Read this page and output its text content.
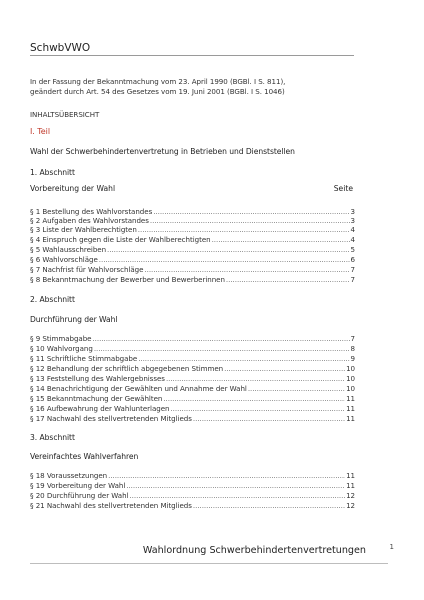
SchwbVWO
In der Fassung der Bekanntmachung vom 23. April 1990 (BGBl. I S. 811),
geändert durch Art. 54 des Gesetzes vom 19. Juni 2001 (BGBl. I S. 1046)
INHALTSÜBERSICHT
I. Teil
Wahl der Schwerbehindertenvertretung in Betrieben und Dienststellen
1. Abschnitt
Vorbereitung der Wahl	Seite
§ 1 Bestellung des Wahlvorstandes .....	3
§ 2 Aufgaben des Wahlvorstandes .....	3
§ 3 Liste der Wahlberechtigten .....	4
§ 4 Einspruch gegen die Liste der Wahlberechtigten .....	4
§ 5 Wahlausschreiben .....	5
§ 6 Wahlvorschläge .....	6
§ 7 Nachfrist für Wahlvorschläge .....	7
§ 8 Bekanntmachung der Bewerber und Bewerberinnen .....	7
2. Abschnitt
Durchführung der Wahl
§ 9 Stimmabgabe .....	7
§ 10 Wahlvorgang .....	8
§ 11 Schriftliche Stimmabgabe .....	9
§ 12 Behandlung der schriftlich abgegebenen Stimmen .....	10
§ 13 Feststellung des Wahlergebnisses .....	10
§ 14 Benachrichtigung der Gewählten und Annahme der Wahl .....	10
§ 15 Bekanntmachung der Gewählten .....	11
§ 16 Aufbewahrung der Wahlunterlagen .....	11
§ 17 Nachwahl des stellvertretenden Mitglieds .....	11
3. Abschnitt
Vereinfachtes Wahlverfahren
§ 18 Voraussetzungen .....	11
§ 19 Vorbereitung der Wahl .....	11
§ 20 Durchführung der Wahl .....	12
§ 21 Nachwahl des stellvertretenden Mitglieds .....	12
Wahlordnung Schwerbehindertenvertretungen	1
